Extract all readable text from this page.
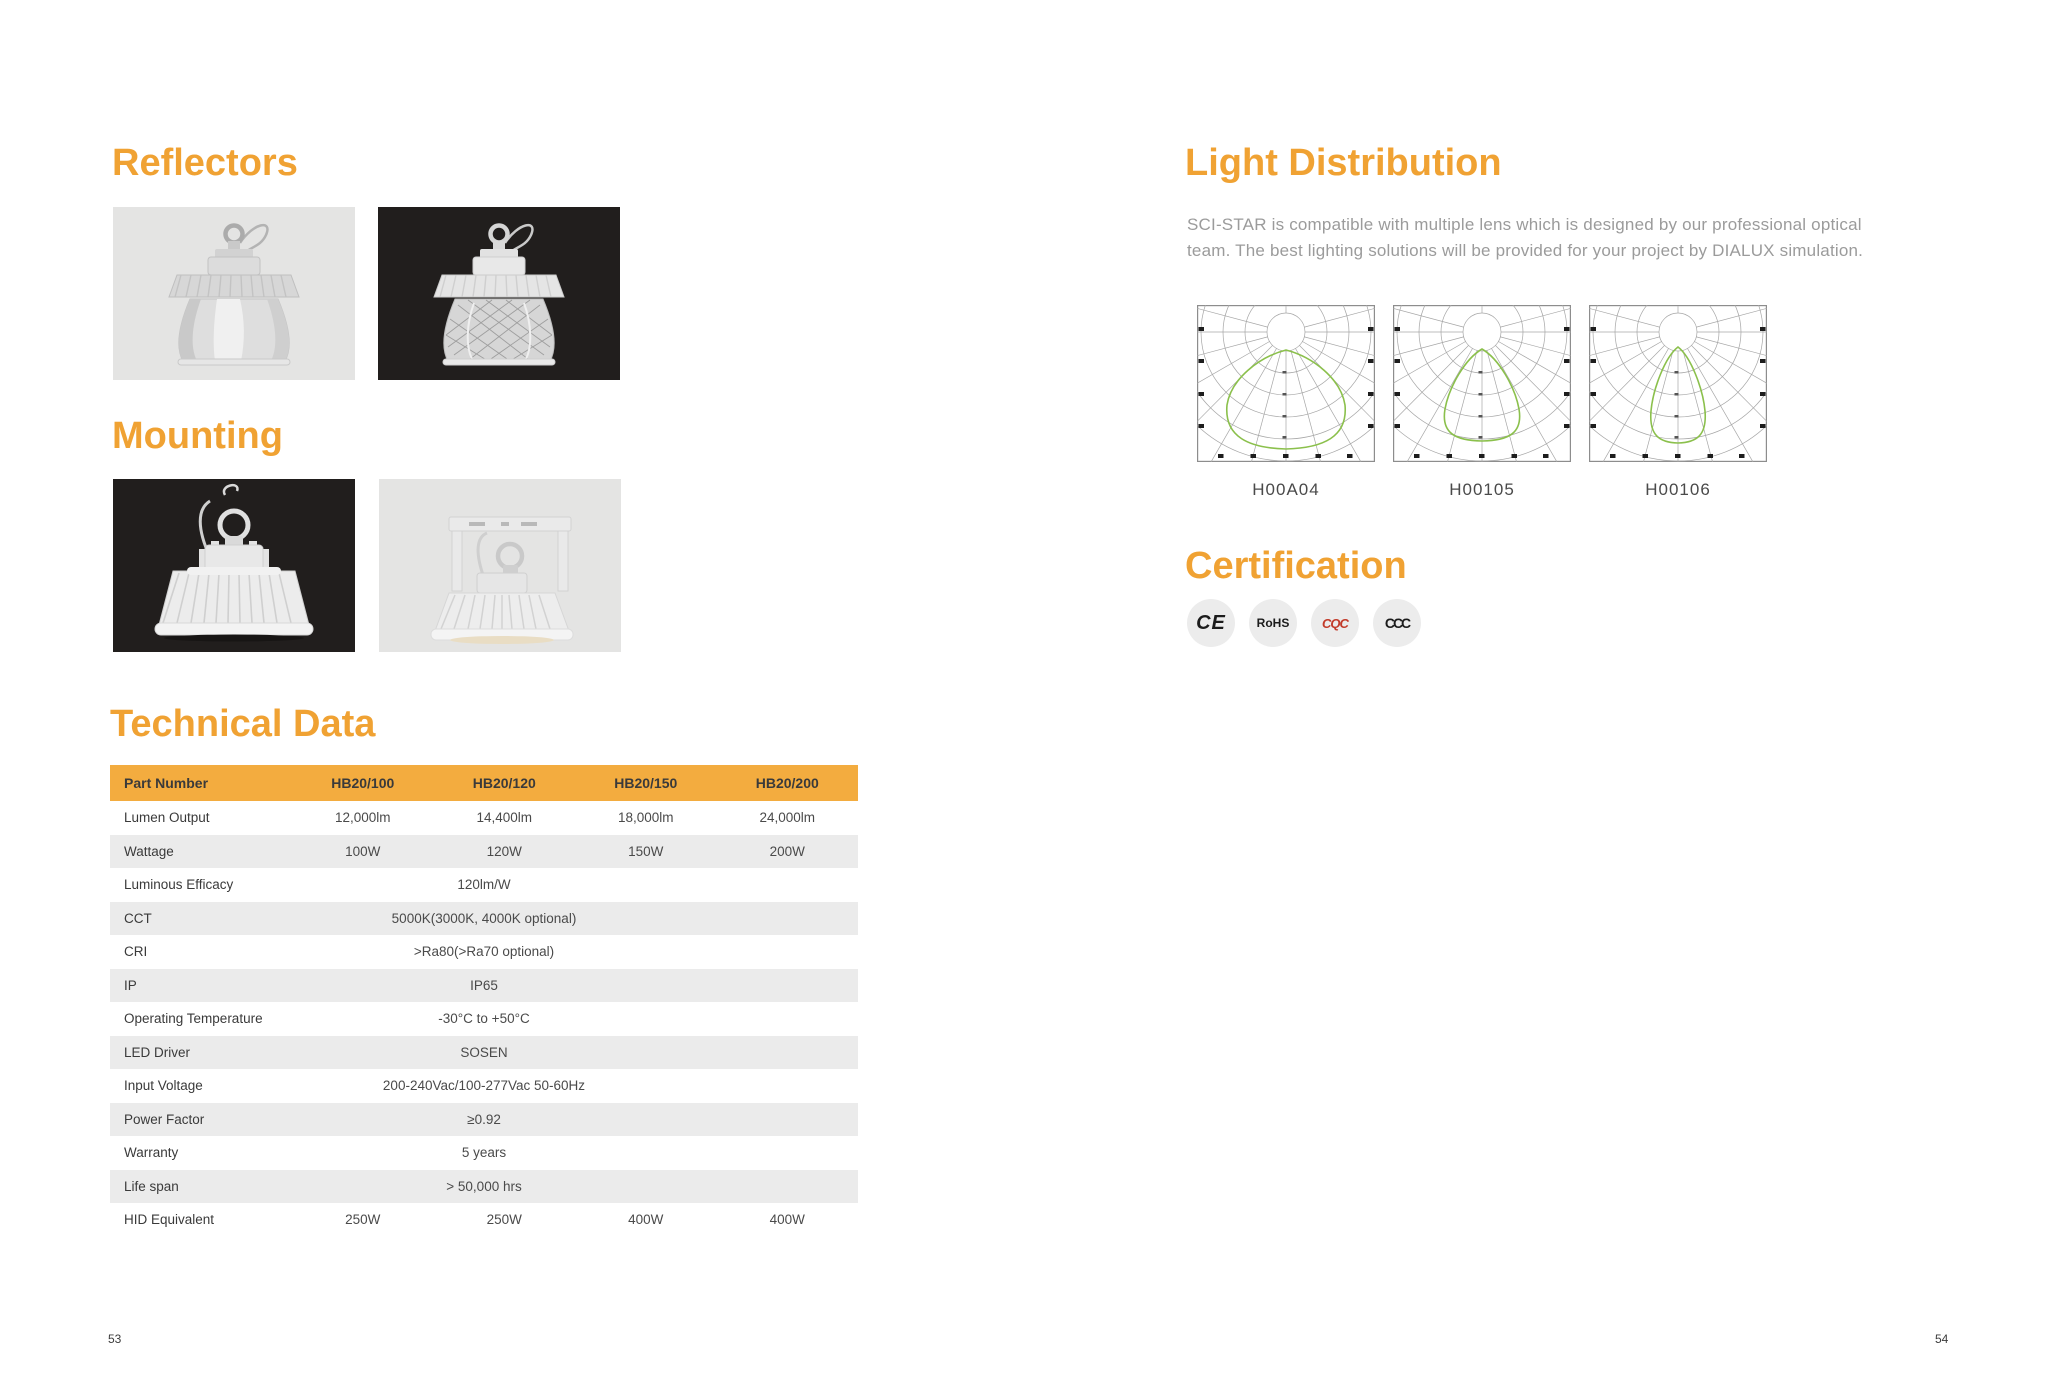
Reflectors
Mounting
Technical Data
Part Number	HB20/100	HB20/120	HB20/150	HB20/200
Lumen Output	12,000lm	14,400lm	18,000lm	24,000lm
Wattage	100W	120W	150W	200W
Luminous Efficacy	120lm/W
CCT	5000K(3000K, 4000K optional)
CRI	>Ra80(>Ra70 optional)
IP	IP65
Operating Temperature	-30°C to +50°C
LED Driver	SOSEN
Input Voltage	200-240Vac/100-277Vac 50-60Hz
Power Factor	≥0.92
Warranty	5 years
Life span	> 50,000 hrs
HID Equivalent	250W	250W	400W	400W
53
Light Distribution
SCI-STAR is compatible with multiple lens which is designed by our professional optical team. The best lighting solutions will be provided for your project by DIALUX simulation.
H00A04	H00105	H00106
Certification
CE	RoHS	CQC	CCC
54
